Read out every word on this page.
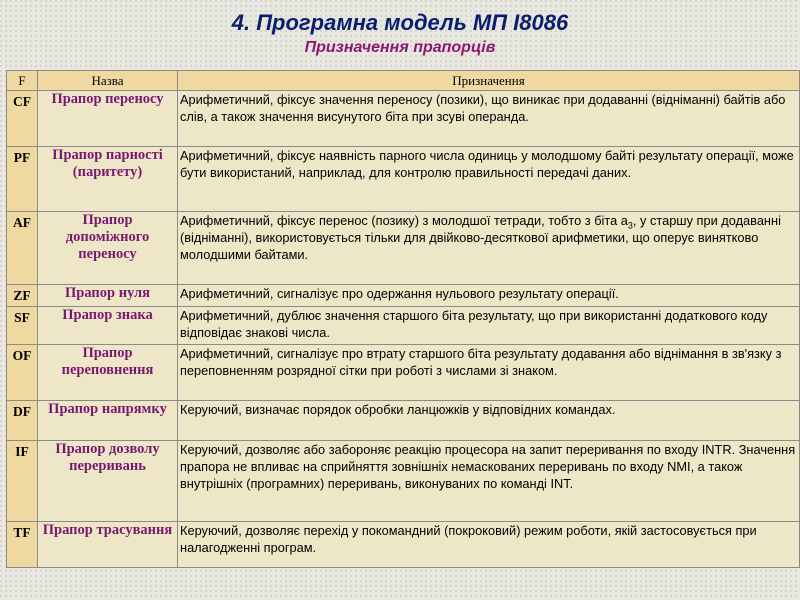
4. Програмна модель МП I8086
Призначення прапорців
F	Назва	Призначення
CF	Прапор переносу	Арифметичний, фіксує значення переносу (позики), що виникає при додаванні (відніманні) байтів або слів, а також значення висунутого біта при зсуві операнда.
PF	Прапор парності (паритету)	Арифметичний, фіксує наявність парного числа одиниць у молодшому байті результату операції, може бути використаний, наприклад, для контролю правильності передачі даних.
AF	Прапор допоміжного переносу	Арифметичний, фіксує перенос (позику) з молодшої тетради, тобто з біта $а_3$, у старшу при додаванні (відніманні), використовується тільки для двійково-десяткової арифметики, що оперує винятково молодшими байтами.
ZF	Прапор нуля	Арифметичний, сигналізує про одержання нульового результату операції.
SF	Прапор знака	Арифметичний, дублює значення старшого біта результату, що при використанні додаткового коду відповідає знакові числа.
OF	Прапор переповнення	Арифметичний, сигналізує про втрату старшого біта результату додавання або віднімання в зв'язку з переповненням розрядної сітки при роботі з числами зі знаком.
DF	Прапор напрямку	Керуючий, визначає порядок обробки ланцюжків у відповідних командах.
IF	Прапор дозволу переривань	Керуючий, дозволяє або забороняє реакцію процесора на запит переривання по входу INTR. Значення прапора не впливає на сприйняття зовнішніх немаскованих переривань по входу NMI, а також внутрішніх (програмних) переривань, виконуваних по команді INT.
TF	Прапор трасування	Керуючий, дозволяє перехід у покомандний (покроковий) режим роботи, якій застосовується при налагодженні програм.
